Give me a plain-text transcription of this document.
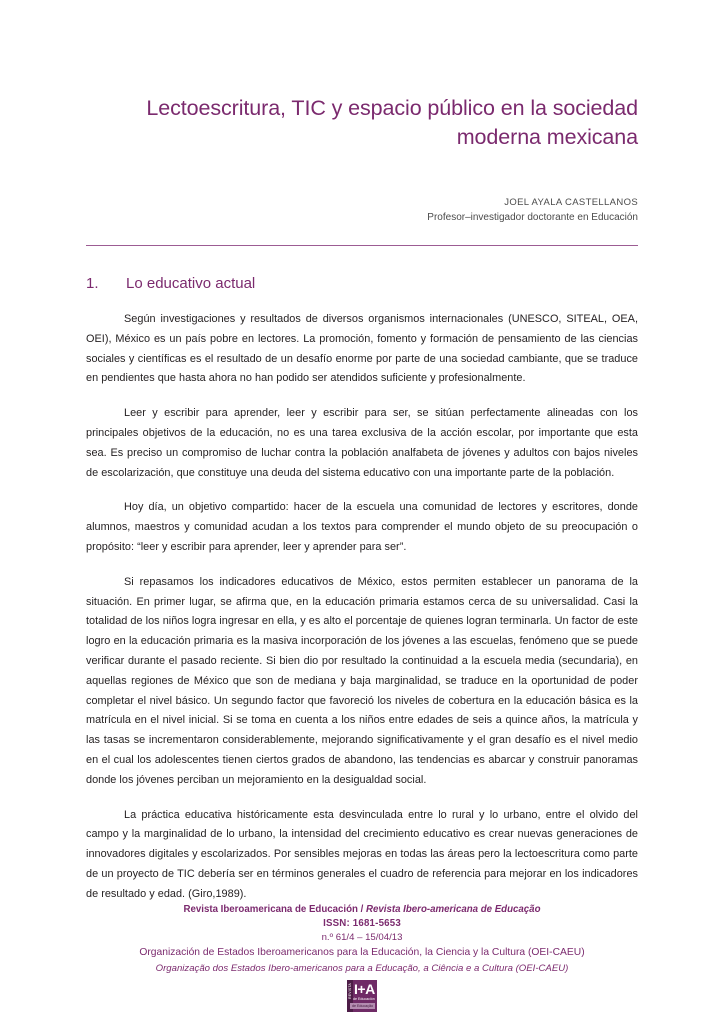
Lectoescritura, TIC y espacio público en la sociedad
moderna mexicana
JOEL AYALA CASTELLANOS
Profesor–investigador doctorante en Educación
1.	Lo educativo actual

Según investigaciones y resultados de diversos organismos internacionales (UNESCO, SITEAL, OEA, OEI), México es un país pobre en lectores. La promoción, fomento y formación de pensamiento de las ciencias sociales y científicas es el resultado de un desafío enorme por parte de una sociedad cambiante, que se traduce en pendientes que hasta ahora no han podido ser atendidos suficiente y profesionalmente.

Leer y escribir para aprender, leer y escribir para ser, se sitúan perfectamente alineadas con los principales objetivos de la educación, no es una tarea exclusiva de la acción escolar, por importante que esta sea. Es preciso un compromiso de luchar contra la población analfabeta de jóvenes y adultos con bajos niveles de escolarización, que constituye una deuda del sistema educativo con una importante parte de la población.

Hoy día, un objetivo compartido: hacer de la escuela una comunidad de lectores y escritores, donde alumnos, maestros y comunidad acudan a los textos para comprender el mundo objeto de su preocupación o propósito: “leer y escribir para aprender, leer y aprender para ser”.

Si repasamos los indicadores educativos de México, estos permiten establecer un panorama de la situación. En primer lugar, se afirma que, en la educación primaria estamos cerca de su universalidad. Casi la totalidad de los niños logra ingresar en ella, y es alto el porcentaje de quienes logran terminarla. Un factor de este logro en la educación primaria es la masiva incorporación de los jóvenes a las escuelas, fenómeno que se puede verificar durante el pasado reciente. Si bien dio por resultado la continuidad a la escuela media (secundaria), en aquellas regiones de México que son de mediana y baja marginalidad, se traduce en la oportunidad de poder completar el nivel básico. Un segundo factor que favoreció los niveles de cobertura en la educación básica es la matrícula en el nivel inicial. Si se toma en cuenta a los niños entre edades de seis a quince años, la matrícula y las tasas se incrementaron considerablemente, mejorando significativamente y el gran desafío es el nivel medio en el cual los adolescentes tienen ciertos grados de abandono, las tendencias es abarcar y construir panoramas donde los jóvenes perciban un mejoramiento en la desigualdad social.

La práctica educativa históricamente esta desvinculada entre lo rural y lo urbano, entre el olvido del campo y la marginalidad de lo urbano, la intensidad del crecimiento educativo es crear nuevas generaciones de innovadores digitales y escolarizados. Por sensibles mejoras en todas las áreas pero la lectoescritura como parte de un proyecto de TIC debería ser en términos generales el cuadro de referencia para mejorar en los indicadores de resultado y edad. (Giro,1989).

Revista Iberoamericana de Educación / Revista Ibero-americana de Educação
ISSN: 1681-5653
n.º 61/4 – 15/04/13
Organización de Estados Iberoamericanos para la Educación, la Ciencia y la Cultura (OEI-CAEU)
Organização dos Estados Ibero-americanos para a Educação, a Ciência e a Cultura (OEI-CAEU)
REVISTA I+A
de Educación
de Educação
